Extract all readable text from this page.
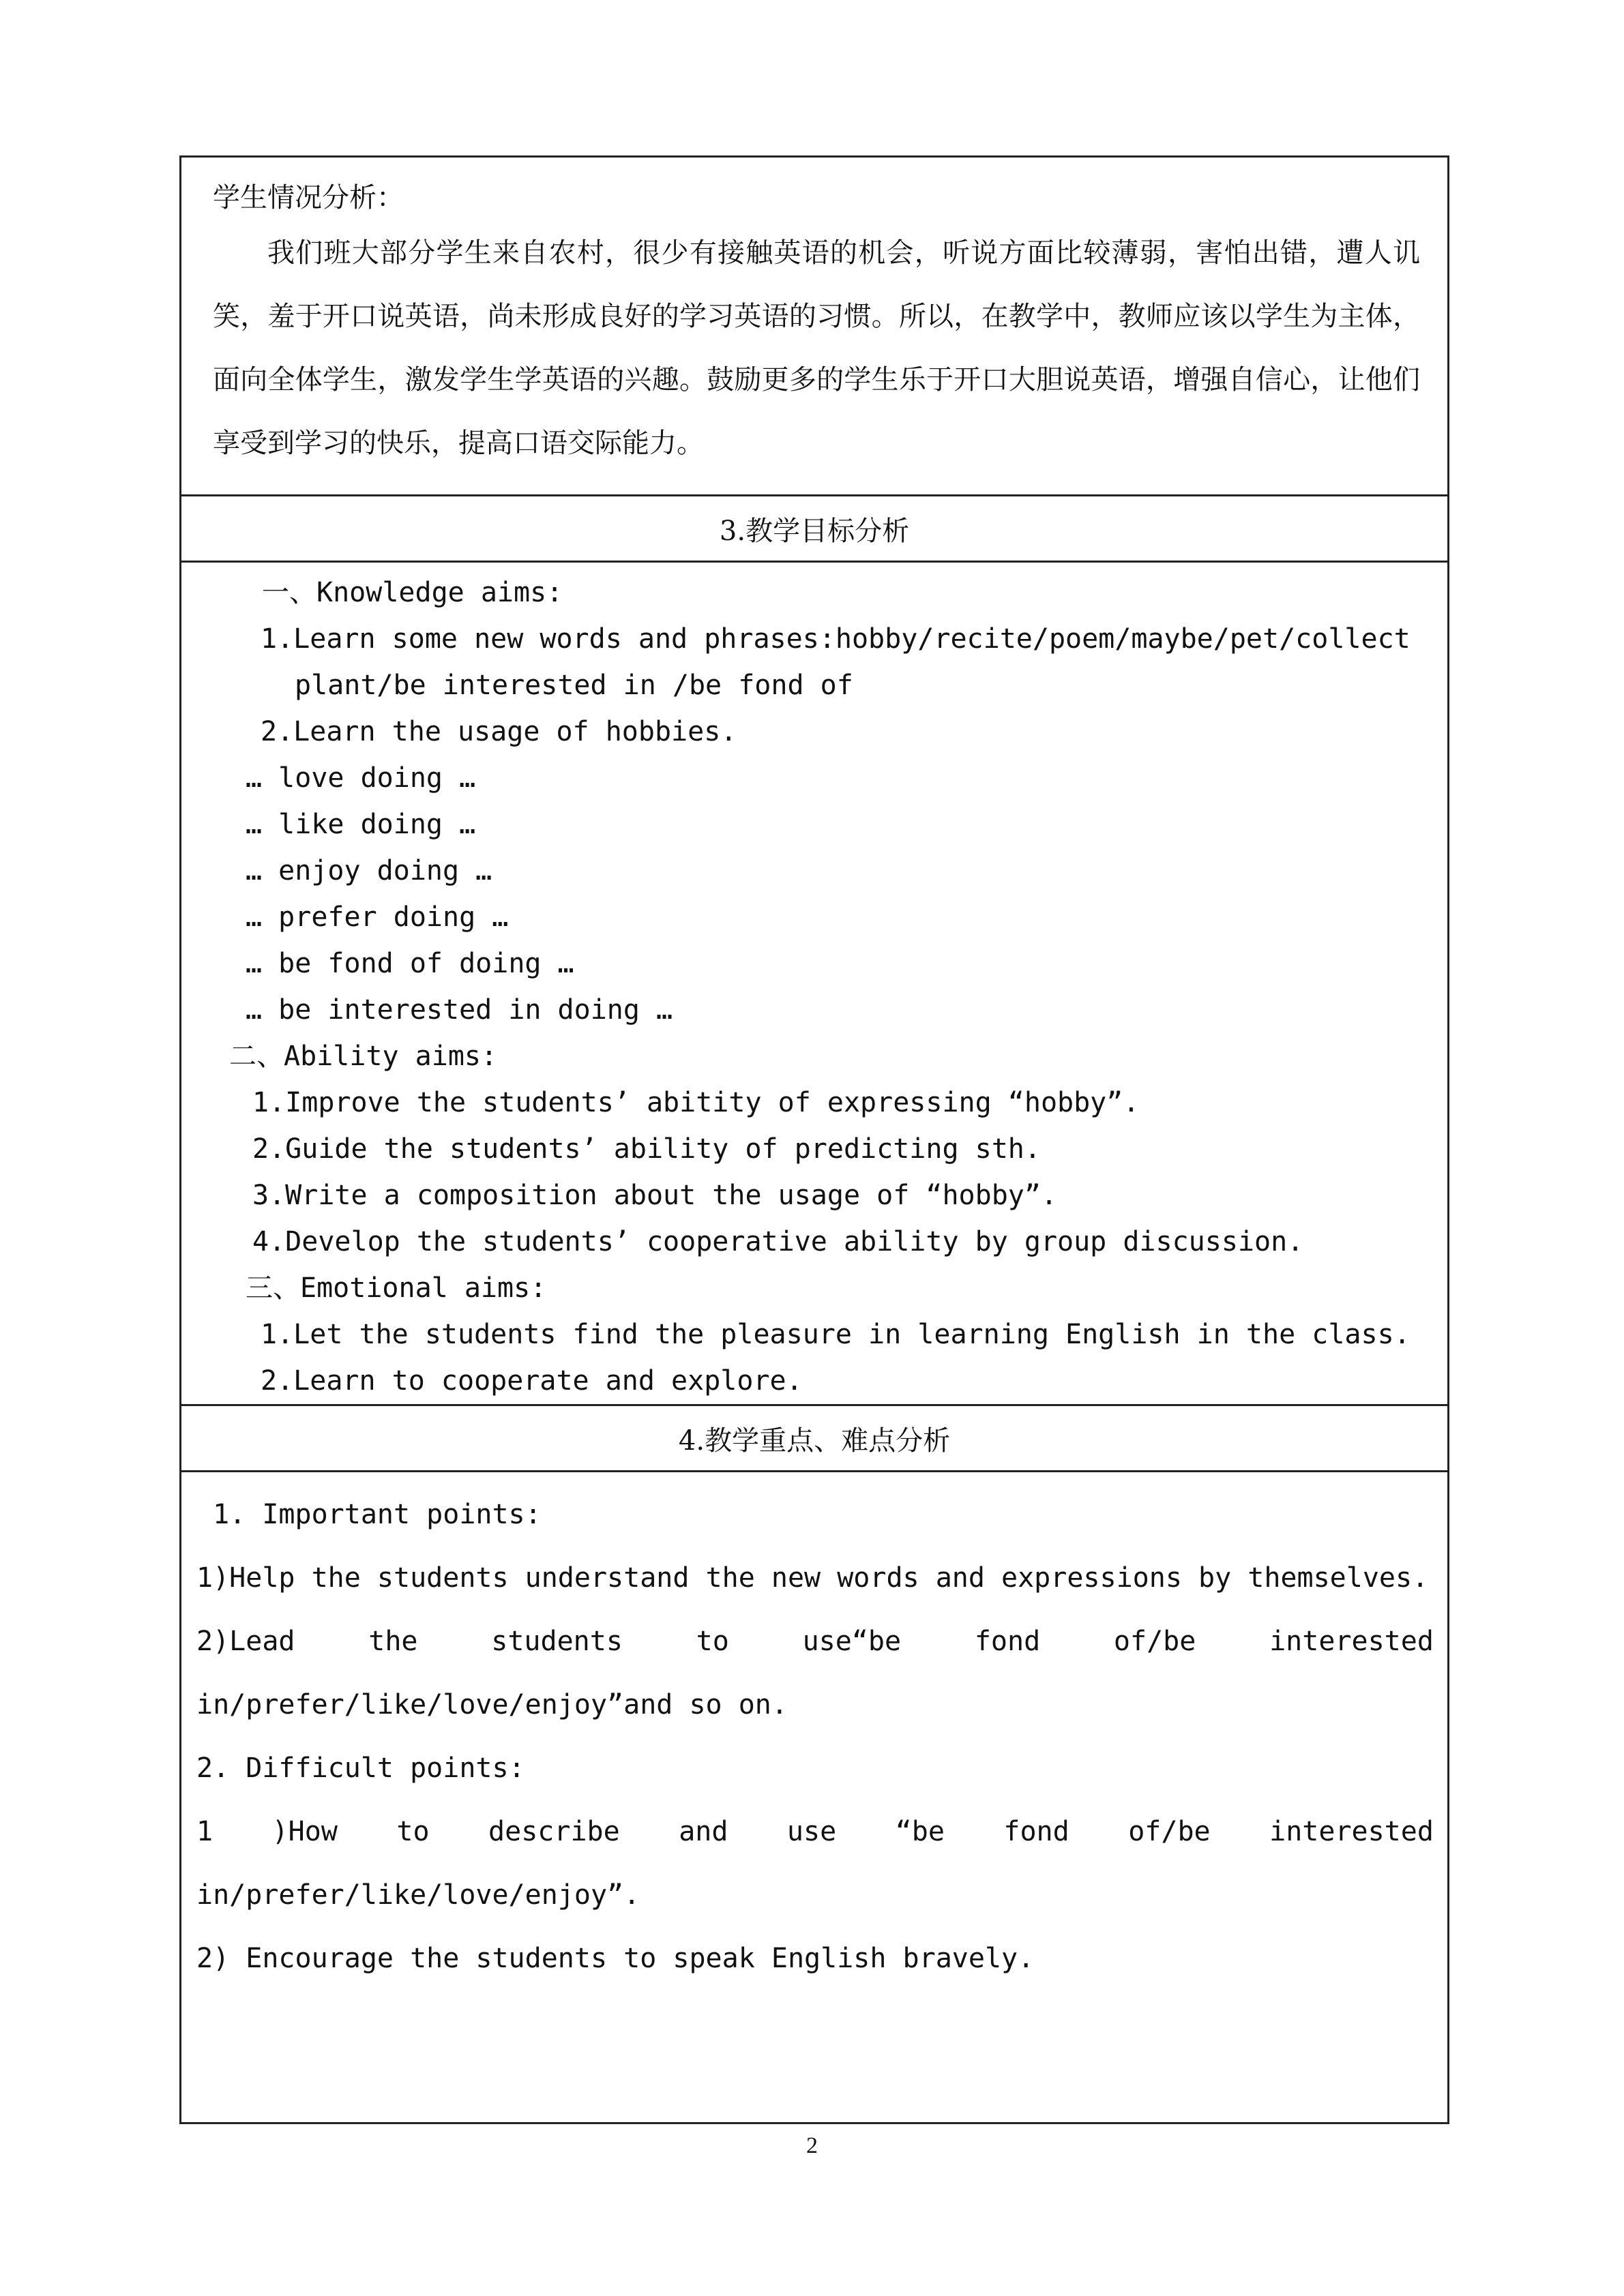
学生情况分析：
我们班大部分学生来自农村，很少有接触英语的机会，听说方面比较薄弱，害怕出错，遭人讥笑，羞于开口说英语，尚未形成良好的学习英语的习惯。所以，在教学中，教师应该以学生为主体，面向全体学生，激发学生学英语的兴趣。鼓励更多的学生乐于开口大胆说英语，增强自信心，让他们享受到学习的快乐，提高口语交际能力。

3.教学目标分析

一、Knowledge aims:
1.Learn some new words and phrases:hobby/recite/poem/maybe/pet/collect
plant/be interested in /be fond of
2.Learn the usage of hobbies.
… love doing …
… like doing …
… enjoy doing …
… prefer doing …
… be fond of doing …
… be interested in doing …
二、Ability aims:
1.Improve the students’ abitity of expressing “hobby”.
2.Guide the students’ ability of predicting sth.
3.Write a composition about the usage of “hobby”.
4.Develop the students’ cooperative ability by group discussion.
三、Emotional aims:
1.Let the students find the pleasure in learning English in the class.
2.Learn to cooperate and explore.

4.教学重点、难点分析

1. Important points:
1)Help the students understand the new words and expressions by themselves.
2)Lead	the	students	to	use“be	fond	of/be	interested
in/prefer/like/love/enjoy”and so on.
2. Difficult points:
1 )How to describe and use “be fond of/be interested
in/prefer/like/love/enjoy”.
2) Encourage the students to speak English bravely.
2
